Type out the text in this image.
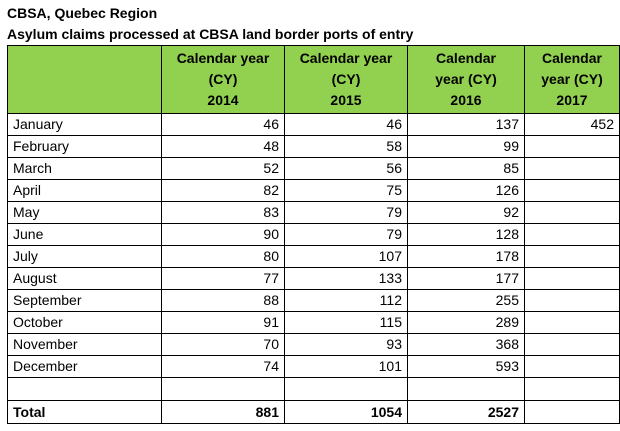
CBSA, Quebec Region
Asylum claims processed at CBSA land border ports of entry

	Calendar year
(CY)
2014	Calendar year
(CY)
2015	Calendar
year (CY)
2016	Calendar
year (CY)
2017

January	46	46	137	452
February	48	58	99	
March	52	56	85	
April	82	75	126	
May	83	79	92	
June	90	79	128	
July	80	107	178	
August	77	133	177	
September	88	112	255	
October	91	115	289	
November	70	93	368	
December	74	101	593	

Total	881	1054	2527	
